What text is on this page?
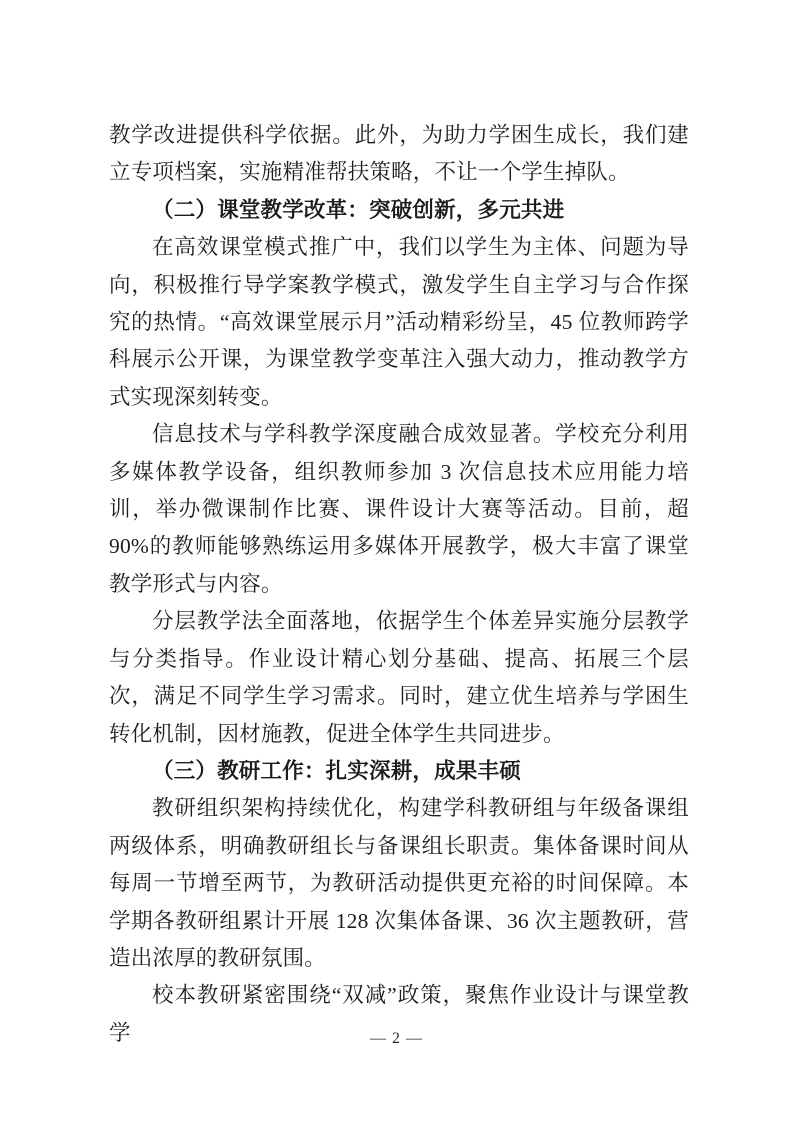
教学改进提供科学依据。此外，为助力学困生成长，我们建立专项档案，实施精准帮扶策略，不让一个学生掉队。

（二）课堂教学改革：突破创新，多元共进

在高效课堂模式推广中，我们以学生为主体、问题为导向，积极推行导学案教学模式，激发学生自主学习与合作探究的热情。“高效课堂展示月”活动精彩纷呈，45 位教师跨学科展示公开课，为课堂教学变革注入强大动力，推动教学方式实现深刻转变。

信息技术与学科教学深度融合成效显著。学校充分利用多媒体教学设备，组织教师参加 3 次信息技术应用能力培训，举办微课制作比赛、课件设计大赛等活动。目前，超 90%的教师能够熟练运用多媒体开展教学，极大丰富了课堂教学形式与内容。

分层教学法全面落地，依据学生个体差异实施分层教学与分类指导。作业设计精心划分基础、提高、拓展三个层次，满足不同学生学习需求。同时，建立优生培养与学困生转化机制，因材施教，促进全体学生共同进步。

（三）教研工作：扎实深耕，成果丰硕

教研组织架构持续优化，构建学科教研组与年级备课组两级体系，明确教研组长与备课组长职责。集体备课时间从每周一节增至两节，为教研活动提供更充裕的时间保障。本学期各教研组累计开展 128 次集体备课、36 次主题教研，营造出浓厚的教研氛围。

校本教研紧密围绕“双减”政策，聚焦作业设计与课堂教学	— 2 —
